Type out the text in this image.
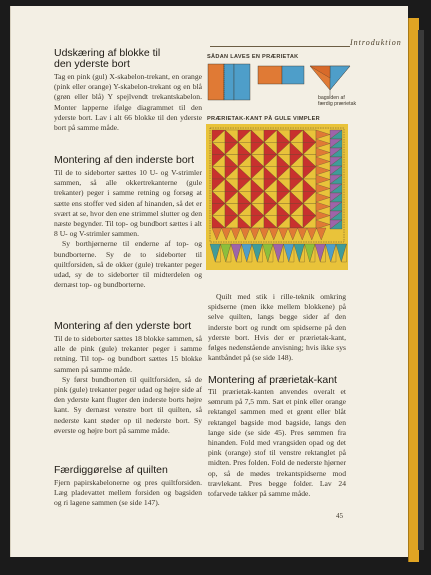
Introduktion
Udskæring af blokke til
den yderste bort

Tag en pink (gul) X-skabelon-trekant, en orange (pink eller orange) Y-skabelon-trekant og en blå (grøn eller blå) Y spejlvendt trekantskabelon. Monter lapperne ifølge diagrammet til den yderste bort. Lav i alt 66 blokke til den yderste bort på samme måde.

Montering af den inderste bort

Til de to sideborter sættes 10 U- og V-strimler sammen, så alle okkertrekanterne (gule trekanter) peger i samme retning og forsøg at sætte ens stoffer ved siden af hinanden, så det er svært at se, hvor den ene strimmel slutter og den næste begynder. Til top- og bundbort sættes i alt 8 U- og V-strimler sammen.

Sy borthjørnerne til enderne af top- og bundborterne. Sy de to sideborter til quiltforsiden, så de okker (gule) trekanter peger udad, sy de to sideborter til midterdelen og dernæst top- og bundborterne.

Montering af den yderste bort

Til de to sideborter sættes 18 blokke sammen, så alle de pink (gule) trekanter peger i samme retning. Til top- og bundbort sættes 15 blokke sammen på samme måde.

Sy først bundborten til quiltforsiden, så de pink (gule) trekanter peger udad og højre side af den yderste kant flugter den inderste borts højre kant. Sy dernæst venstre bort til quilten, så nederste kant støder op til nederste bort. Sy øverste og højre bort på samme måde.

Færdiggørelse af quilten

Fjern papirskabelonerne og pres quiltforsiden. Læg pladevattet mellem forsiden og bagsiden og ri lagene sammen (se side 147).

SÅDAN LAVES EN PRÆRIETAK
bagsiden af
færdig prærietak
PRÆRIETAK-KANT PÅ GULE VIMPLER

Quilt med stik i rille-teknik omkring spidserne (men ikke mellem blokkene) på selve quilten, langs begge sider af den inderste bort og rundt om spidserne på den yderste bort. Hvis der er prærietak-kant, følges nedenstående anvisning; hvis ikke sys kantbåndet på (se side 148).

Montering af prærietak-kant

Til prærietak-kanten anvendes overalt et sømrum på 7,5 mm. Sæt et pink eller orange rektangel sammen med et grønt eller blåt rektangel bagside mod bagside, langs den lange side (se side 45). Pres sømmen fra hinanden. Fold med vrangsiden opad og det pink (orange) stof til venstre rektanglet på midten. Pres folden. Fold de nederste hjørner op, så de mødes trekantspidserne mod trævlekant. Pres begge folder. Lav 24 tofarvede takker på samme måde.

45
